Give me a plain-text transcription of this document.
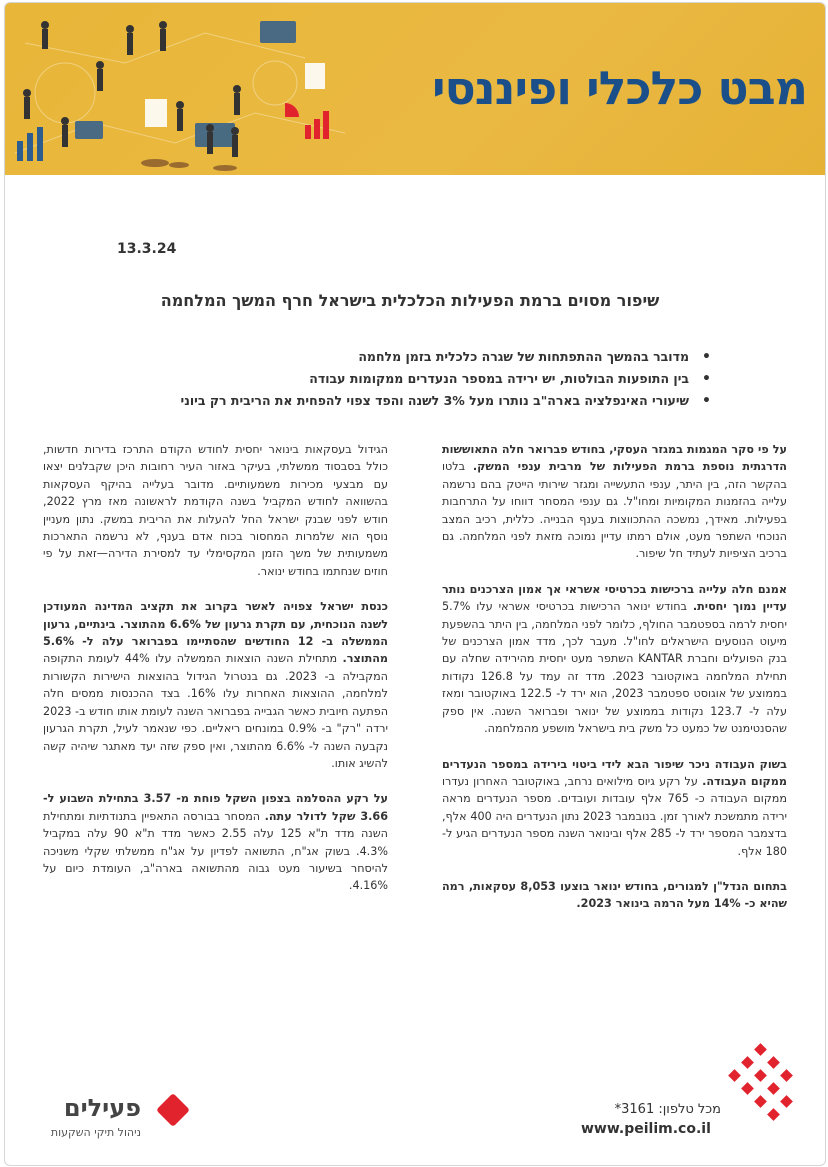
מבט כלכלי ופיננסי
13.3.24
שיפור מסוים ברמת הפעילות הכלכלית בישראל חרף המשך המלחמה
• מדובר בהמשך ההתפתחות של שגרה כלכלית בזמן מלחמה
• בין התופעות הבולטות, יש ירידה במספר הנעדרים ממקומות עבודה
• שיעורי האינפלציה בארה"ב נותרו מעל 3% לשנה והפד צפוי להפחית את הריבית רק ביוני

על פי סקר המגמות במגזר העסקי, בחודש פברואר חלה התאוששות הדרגתית נוספת ברמת הפעילות של מרבית ענפי המשק. בלטו בהקשר הזה, בין היתר, ענפי התעשייה ומגזר שירותי הייטק בהם נרשמה עלייה בהזמנות המקומיות ומחו"ל. גם ענפי המסחר דווחו על התרחבות בפעילות. מאידך, נמשכה ההתכווצות בענף הבנייה. כללית, רכיב המצב הנוכחי השתפר מעט, אולם רמתו עדיין נמוכה מזאת לפני המלחמה. גם ברכיב הציפיות לעתיד חל שיפור.

אמנם חלה עלייה ברכישות בכרטיסי אשראי אך אמון הצרכנים נותר עדיין נמוך יחסית. בחודש ינואר הרכישות בכרטיסי אשראי עלו 5.7% יחסית לרמה בספטמבר החולף, כלומר לפני המלחמה, בין היתר בהשפעת מיעוט הנוסעים הישראלים לחו"ל. מעבר לכך, מדד אמון הצרכנים של בנק הפועלים וחברת KANTAR השתפר מעט יחסית מהירידה שחלה עם תחילת המלחמה באוקטובר 2023. מדד זה עמד על 126.8 נקודות בממוצע של אוגוסט ספטמבר 2023, הוא ירד ל- 122.5 באוקטובר ומאז עלה ל- 123.7 נקודות בממוצע של ינואר ופברואר השנה. אין ספק שהסנטימנט של כמעט כל משק בית בישראל מושפע מהמלחמה.

בשוק העבודה ניכר שיפור הבא לידי ביטוי בירידה במספר הנעדרים ממקום העבודה. על רקע גיוס מילואים נרחב, באוקטובר האחרון נעדרו ממקום העבודה כ- 765 אלף עובדות ועובדים. מספר הנעדרים מראה ירידה מתמשכת לאורך זמן. בנובמבר 2023 נתון הנעדרים היה 400 אלף, בדצמבר המספר ירד ל- 285 אלף ובינואר השנה מספר הנעדרים הגיע ל- 180 אלף.

בתחום הנדל"ן למגורים, בחודש ינואר בוצעו 8,053 עסקאות, רמה שהיא כ- 14% מעל הרמה בינואר 2023.

הגידול בעסקאות בינואר יחסית לחודש הקודם התרכז בדירות חדשות, כולל בסבסוד ממשלתי, בעיקר באזור העיר רחובות היכן שקבלנים יצאו עם מבצעי מכירות משמעותיים. מדובר בעלייה בהיקף העסקאות בהשוואה לחודש המקביל בשנה הקודמת לראשונה מאז מרץ 2022, חודש לפני שבנק ישראל החל להעלות את הריבית במשק. נתון מעניין נוסף הוא שלמרות המחסור בכוח אדם בענף, לא נרשמה התארכות משמעותית של משך הזמן המקסימלי עד למסירת הדירה—זאת על פי חוזים שנחתמו בחודש ינואר.

כנסת ישראל צפויה לאשר בקרוב את תקציב המדינה המעודכן לשנה הנוכחית, עם תקרת גרעון של 6.6% מהתוצר. בינתיים, גרעון הממשלה ב- 12 החודשים שהסתיימו בפברואר עלה ל- 5.6% מהתוצר. מתחילת השנה הוצאות הממשלה עלו 44% לעומת התקופה המקבילה ב- 2023. גם בנטרול הגידול בהוצאות הישירות הקשורות למלחמה, ההוצאות האחרות עלו 16%. בצד ההכנסות ממסים חלה הפתעה חיובית כאשר הגבייה בפברואר השנה לעומת אותו חודש ב- 2023 ירדה "רק" ב- 0.9% במונחים ריאליים. כפי שנאמר לעיל, תקרת הגרעון נקבעה השנה ל- 6.6% מהתוצר, ואין ספק שזה יעד מאתגר שיהיה קשה להשיג אותו.

על רקע ההסלמה בצפון השקל פוחת מ- 3.57 בתחילת השבוע ל- 3.66 שקל לדולר עתה. המסחר בבורסה התאפיין בתנודתיות ומתחילת השנה מדד ת"א 125 עלה 2.55 כאשר מדד ת"א 90 עלה במקביל 4.3%. בשוק אג"ח, התשואה לפדיון על אג"ח ממשלתי שקלי משניכה להיסחר בשיעור מעט גבוה מהתשואה בארה"ב, העומדת כיום על 4.16%.

פעילים
ניהול תיקי השקעות
מכל טלפון: 3161*
www.peilim.co.il
